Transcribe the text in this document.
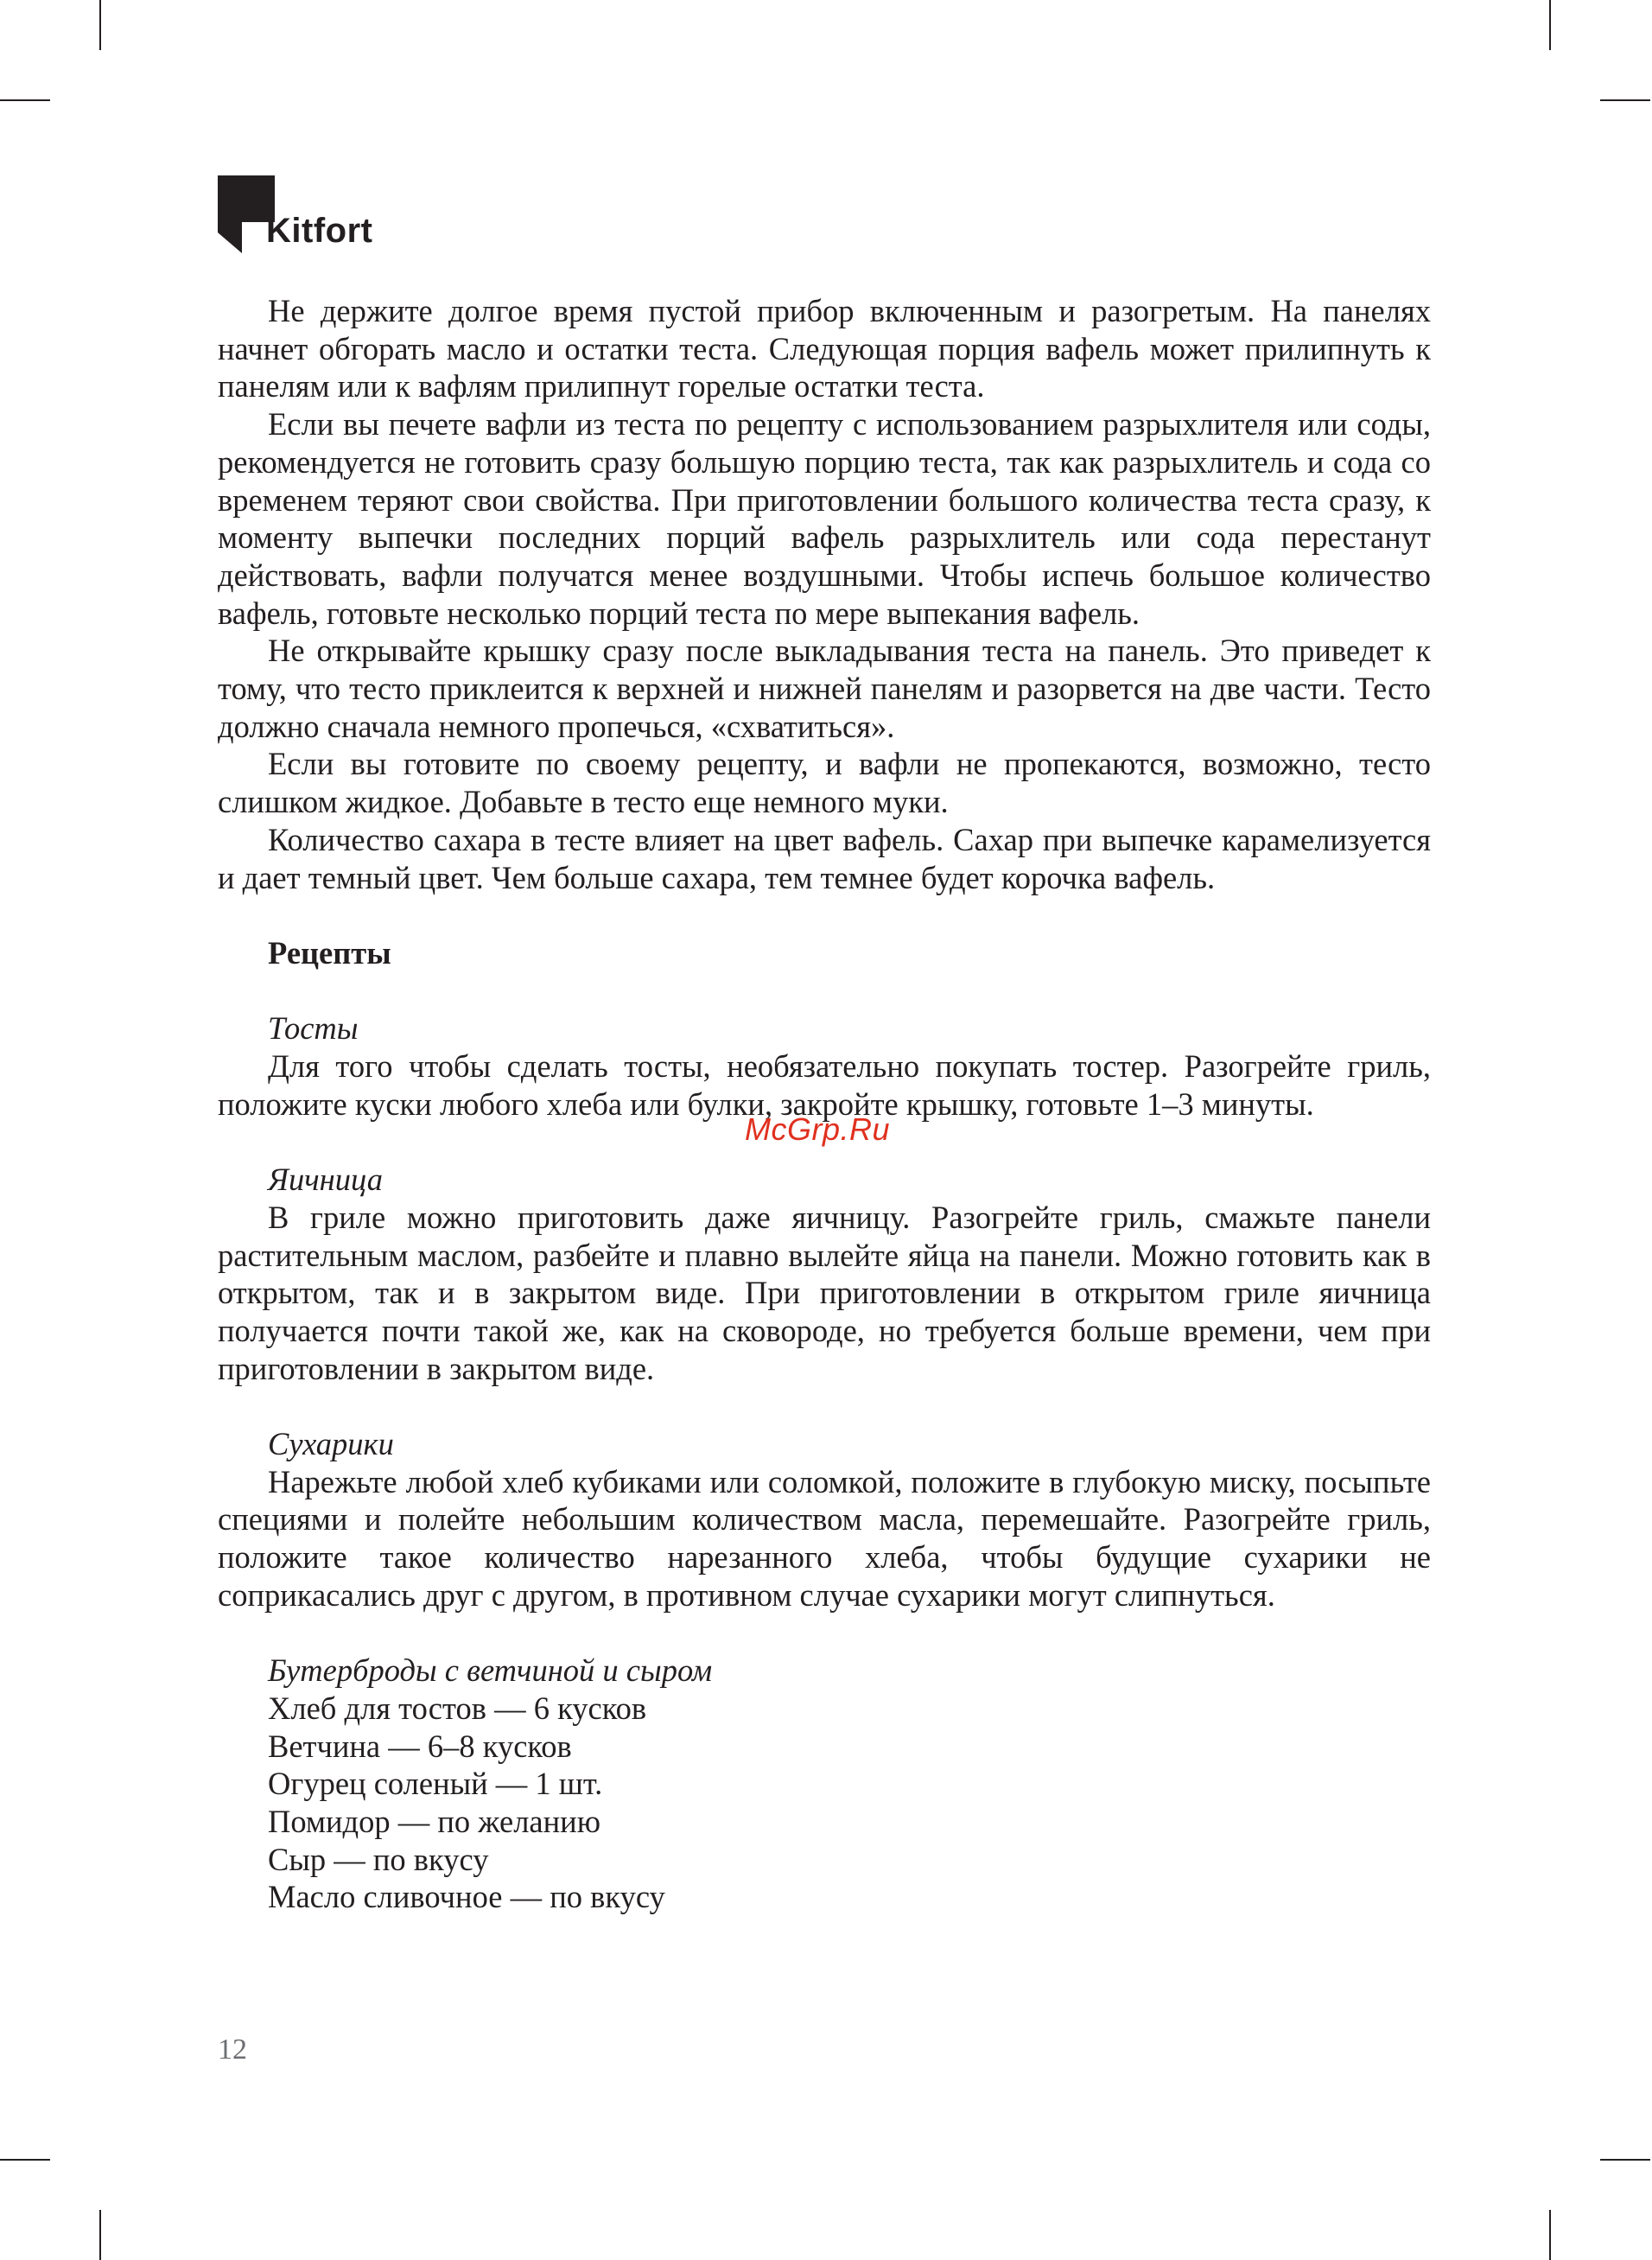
Kitfort

Не держите долгое время пустой прибор включенным и разогретым. На панелях начнет обгорать масло и остатки теста. Следующая порция вафель может прилипнуть к панелям или к вафлям прилипнут горелые остатки теста.

Если вы печете вафли из теста по рецепту с использованием разрыхлителя или соды, рекомендуется не готовить сразу большую порцию теста, так как разрыхлитель и сода со временем теряют свои свойства. При приготовлении большого количества теста сразу, к моменту выпечки последних порций вафель разрыхлитель или сода перестанут действовать, вафли получатся менее воздушными. Чтобы испечь большое количество вафель, готовьте несколько порций теста по мере выпекания вафель.

Не открывайте крышку сразу после выкладывания теста на панель. Это приведет к тому, что тесто приклеится к верхней и нижней панелям и разорвется на две части. Тесто должно сначала немного пропечься, «схватиться».

Если вы готовите по своему рецепту, и вафли не пропекаются, возможно, тесто слишком жидкое. Добавьте в тесто еще немного муки.

Количество сахара в тесте влияет на цвет вафель. Сахар при выпечке карамелизуется и дает темный цвет. Чем больше сахара, тем темнее будет корочка вафель.

Рецепты
Тосты

Для того чтобы сделать тосты, необязательно покупать тостер. Разогрейте гриль, положите куски любого хлеба или булки, закройте крышку, готовьте 1–3 минуты.

Яичница

В гриле можно приготовить даже яичницу. Разогрейте гриль, смажьте панели растительным маслом, разбейте и плавно вылейте яйца на панели. Можно готовить как в открытом, так и в закрытом виде. При приготовлении в открытом гриле яичница получается почти такой же, как на сковороде, но требуется больше времени, чем при приготовлении в закрытом виде.

Сухарики

Нарежьте любой хлеб кубиками или соломкой, положите в глубокую миску, посыпьте специями и полейте небольшим количеством масла, перемешайте. Разогрейте гриль, положите такое количество нарезанного хлеба, чтобы будущие сухарики не соприкасались друг с другом, в противном случае сухарики могут слипнуться.

Бутерброды с ветчиной и сыром
Хлеб для тостов — 6 кусков
Ветчина — 6–8 кусков
Огурец соленый — 1 шт.
Помидор — по желанию
Сыр — по вкусу
Масло сливочное — по вкусу
McGrp.Ru
12
